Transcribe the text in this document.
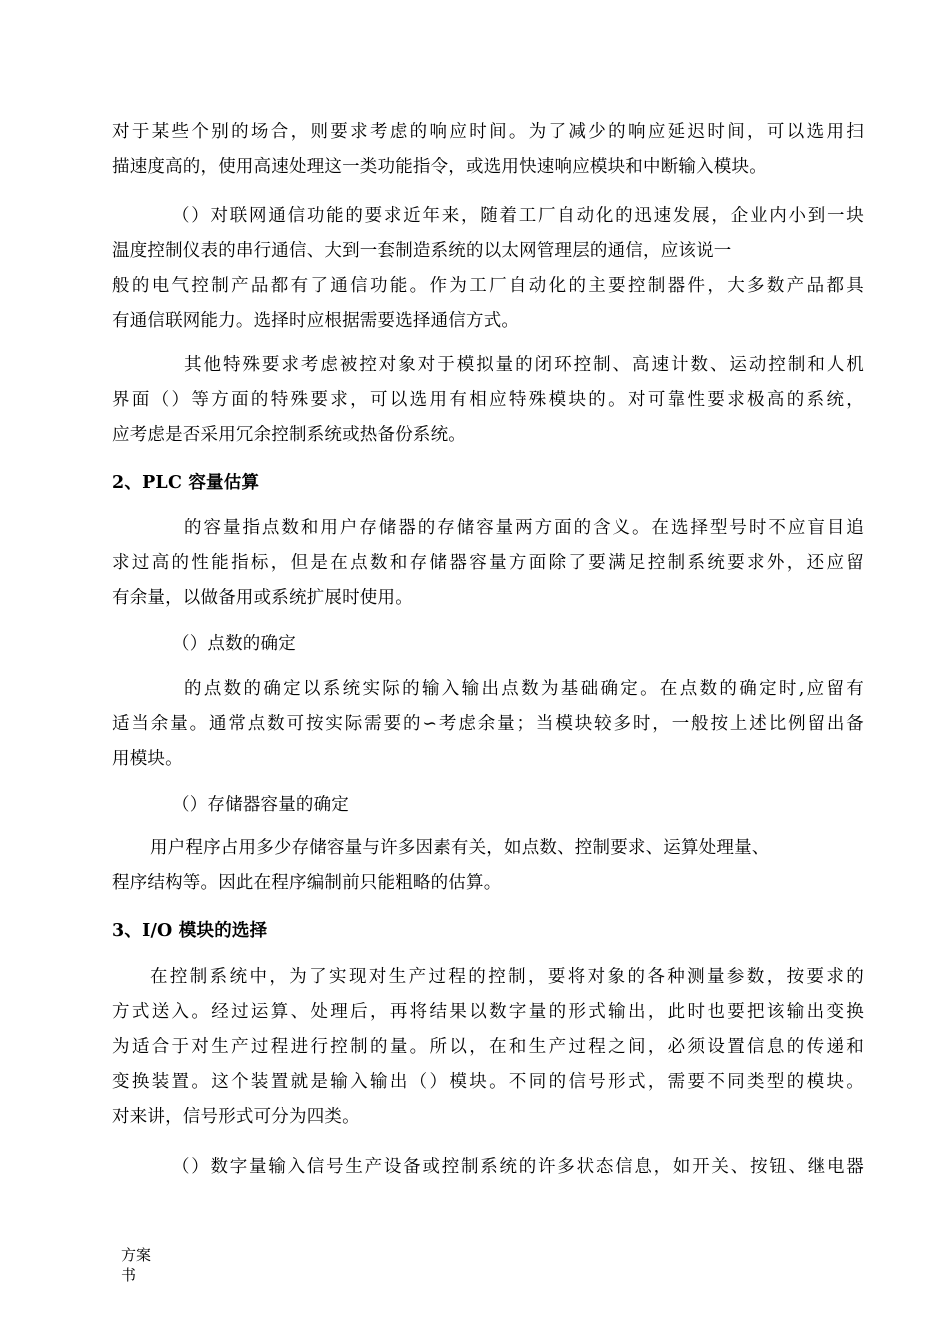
对于某些个别的场合，则要求考虑的响应时间。为了减少的响应延迟时间，可以选用扫
描速度高的，使用高速处理这一类功能指令，或选用快速响应模块和中断输入模块。
（）对联网通信功能的要求近年来，随着工厂自动化的迅速发展，企业内小到一块
温度控制仪表的串行通信、大到一套制造系统的以太网管理层的通信，应该说一
般的电气控制产品都有了通信功能。作为工厂自动化的主要控制器件，大多数产品都具
有通信联网能力。选择时应根据需要选择通信方式。
其他特殊要求考虑被控对象对于模拟量的闭环控制、高速计数、运动控制和人机
界面（）等方面的特殊要求，可以选用有相应特殊模块的。对可靠性要求极高的系统，
应考虑是否采用冗余控制系统或热备份系统。
2、PLC 容量估算
的容量指点数和用户存储器的存储容量两方面的含义。在选择型号时不应盲目追
求过高的性能指标，但是在点数和存储器容量方面除了要满足控制系统要求外，还应留
有余量，以做备用或系统扩展时使用。
（）点数的确定
的点数的确定以系统实际的输入输出点数为基础确定。在点数的确定时,应留有
适当余量。通常点数可按实际需要的∽考虑余量；当模块较多时，一般按上述比例留出备
用模块。
（）存储器容量的确定
用户程序占用多少存储容量与许多因素有关，如点数、控制要求、运算处理量、
程序结构等。因此在程序编制前只能粗略的估算。
3、I/O 模块的选择
在控制系统中，为了实现对生产过程的控制，要将对象的各种测量参数，按要求的
方式送入。经过运算、处理后，再将结果以数字量的形式输出，此时也要把该输出变换
为适合于对生产过程进行控制的量。所以，在和生产过程之间，必须设置信息的传递和
变换装置。这个装置就是输入输出（）模块。不同的信号形式，需要不同类型的模块。
对来讲，信号形式可分为四类。
（）数字量输入信号生产设备或控制系统的许多状态信息，如开关、按钮、继电器
方案书
